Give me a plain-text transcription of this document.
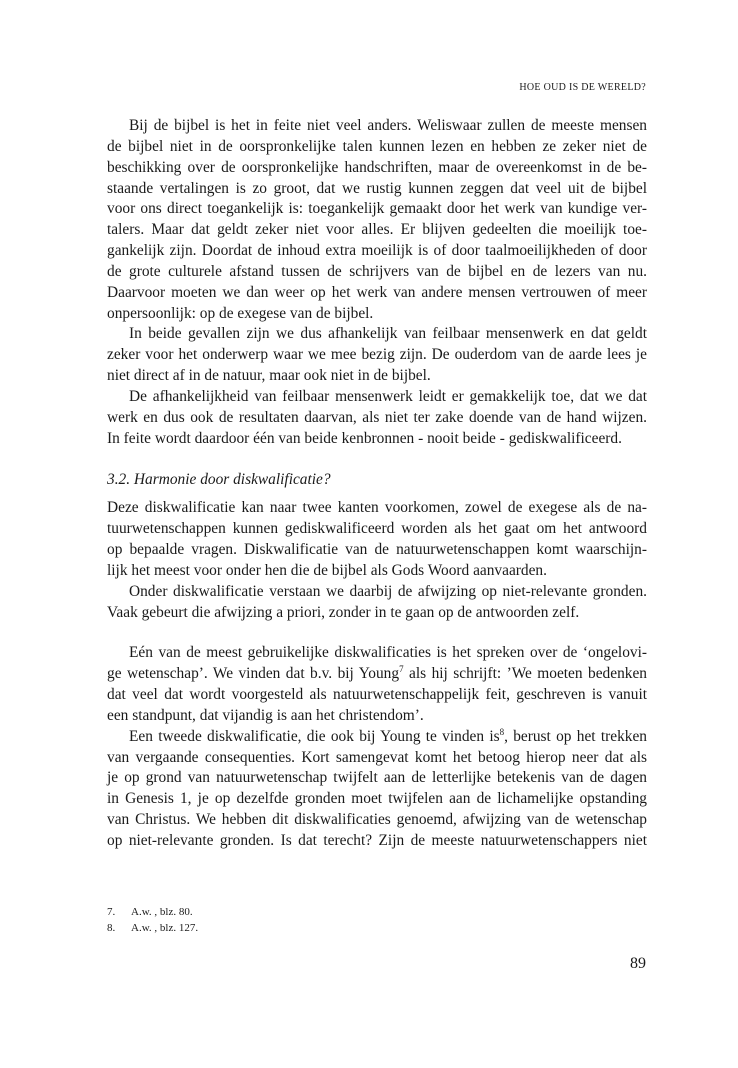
HOE OUD IS DE WERELD?
Bij de bijbel is het in feite niet veel anders. Weliswaar zullen de meeste mensen
de bijbel niet in de oorspronkelijke talen kunnen lezen en hebben ze zeker niet de
beschikking over de oorspronkelijke handschriften, maar de overeenkomst in de be-
staande vertalingen is zo groot, dat we rustig kunnen zeggen dat veel uit de bijbel
voor ons direct toegankelijk is: toegankelijk gemaakt door het werk van kundige ver-
talers. Maar dat geldt zeker niet voor alles. Er blijven gedeelten die moeilijk toe-
gankelijk zijn. Doordat de inhoud extra moeilijk is of door taalmoeilijkheden of door
de grote culturele afstand tussen de schrijvers van de bijbel en de lezers van nu.
Daarvoor moeten we dan weer op het werk van andere mensen vertrouwen of meer
onpersoonlijk: op de exegese van de bijbel.
In beide gevallen zijn we dus afhankelijk van feilbaar mensenwerk en dat geldt
zeker voor het onderwerp waar we mee bezig zijn. De ouderdom van de aarde lees je
niet direct af in de natuur, maar ook niet in de bijbel.
De afhankelijkheid van feilbaar mensenwerk leidt er gemakkelijk toe, dat we dat
werk en dus ook de resultaten daarvan, als niet ter zake doende van de hand wijzen.
In feite wordt daardoor één van beide kenbronnen - nooit beide - gediskwalificeerd.
3.2. Harmonie door diskwalificatie?
Deze diskwalificatie kan naar twee kanten voorkomen, zowel de exegese als de na-
tuurwetenschappen kunnen gediskwalificeerd worden als het gaat om het antwoord
op bepaalde vragen. Diskwalificatie van de natuurwetenschappen komt waarschijn-
lijk het meest voor onder hen die de bijbel als Gods Woord aanvaarden.
Onder diskwalificatie verstaan we daarbij de afwijzing op niet-relevante gronden.
Vaak gebeurt die afwijzing a priori, zonder in te gaan op de antwoorden zelf.
Eén van de meest gebruikelijke diskwalificaties is het spreken over de ‘ongelovi-
ge wetenschap’. We vinden dat b.v. bij Young$^7$ als hij schrijft: ’We moeten bedenken
dat veel dat wordt voorgesteld als natuurwetenschappelijk feit, geschreven is vanuit
een standpunt, dat vijandig is aan het christendom’.
Een tweede diskwalificatie, die ook bij Young te vinden $is^8$, berust op het trekken
van vergaande consequenties. Kort samengevat komt het betoog hierop neer dat als
je op grond van natuurwetenschap twijfelt aan de letterlijke betekenis van de dagen
in Genesis 1, je op dezelfde gronden moet twijfelen aan de lichamelijke opstanding
van Christus. We hebben dit diskwalificaties genoemd, afwijzing van de wetenschap
op niet-relevante gronden. Is dat terecht? Zijn de meeste natuurwetenschappers niet
7. A.w. , blz. 80.
8. A.w. , blz. 127.
89
